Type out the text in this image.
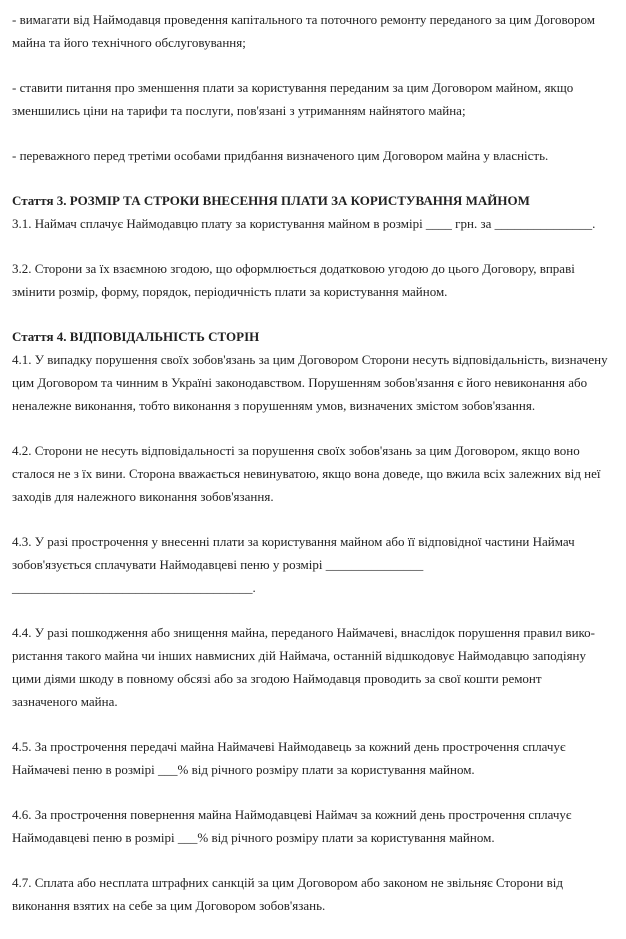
- вимагати від Наймодавця проведення капітального та поточного ремонту переданого за цим Договором
майна та його технічного обслуговування;

- ставити питання про зменшення плати за користування переданим за цим Договором майном, якщо
зменшились ціни на тарифи та послуги, пов'язані з утриманням найнятого майна;

- переважного перед третіми особами придбання визначеного цим Договором майна у власність.

Стаття 3. РОЗМІР ТА СТРОКИ ВНЕСЕННЯ ПЛАТИ ЗА КОРИСТУВАННЯ МАЙНОМ

3.1. Наймач сплачує Наймодавцю плату за користування майном в розмірі ____ грн. за _______________.

3.2. Сторони за їх взаємною згодою, що оформлюється додатковою угодою до цього Договору, вправі
змінити розмір, форму, порядок, періодичність плати за користування майном.

Стаття 4. ВІДПОВІДАЛЬНІСТЬ СТОРІН

4.1. У випадку порушення своїх зобов'язань за цим Договором Сторони несуть відповідальність, визначену
цим Договором та чинним в Україні законодавством. Порушенням зобов'язання є його невиконання або
неналежне виконання, тобто виконання з порушенням умов, визначених змістом зобов'язання.

4.2. Сторони не несуть відповідальності за порушення своїх зобов'язань за цим Договором, якщо воно
сталося не з їх вини. Сторона вважається невинуватою, якщо вона доведе, що вжила всіх залежних від неї
заходів для належного виконання зобов'язання.

4.3. У разі прострочення у внесенні плати за користування майном або її відповідної частини Наймач
зобов'язується сплачувати Наймодавцеві пеню у розмірі _______________
_____________________________________.

4.4. У разі пошкодження або знищення майна, переданого Наймачеві, внаслідок порушення правил вико-
ристання такого майна чи інших навмисних дій Наймача, останній відшкодовує Наймодавцю заподіяну
цими діями шкоду в повному обсязі або за згодою Наймодавця проводить за свої кошти ремонт
зазначеного майна.

4.5. За прострочення передачі майна Наймачеві Наймодавець за кожний день прострочення сплачує
Наймачеві пеню в розмірі ___% від річного розміру плати за користування майном.

4.6. За прострочення повернення майна Наймодавцеві Наймач за кожний день прострочення сплачує
Наймодавцеві пеню в розмірі ___% від річного розміру плати за користування майном.

4.7. Сплата або несплата штрафних санкцій за цим Договором або законом не звільняє Сторони від
виконання взятих на себе за цим Договором зобов'язань.
